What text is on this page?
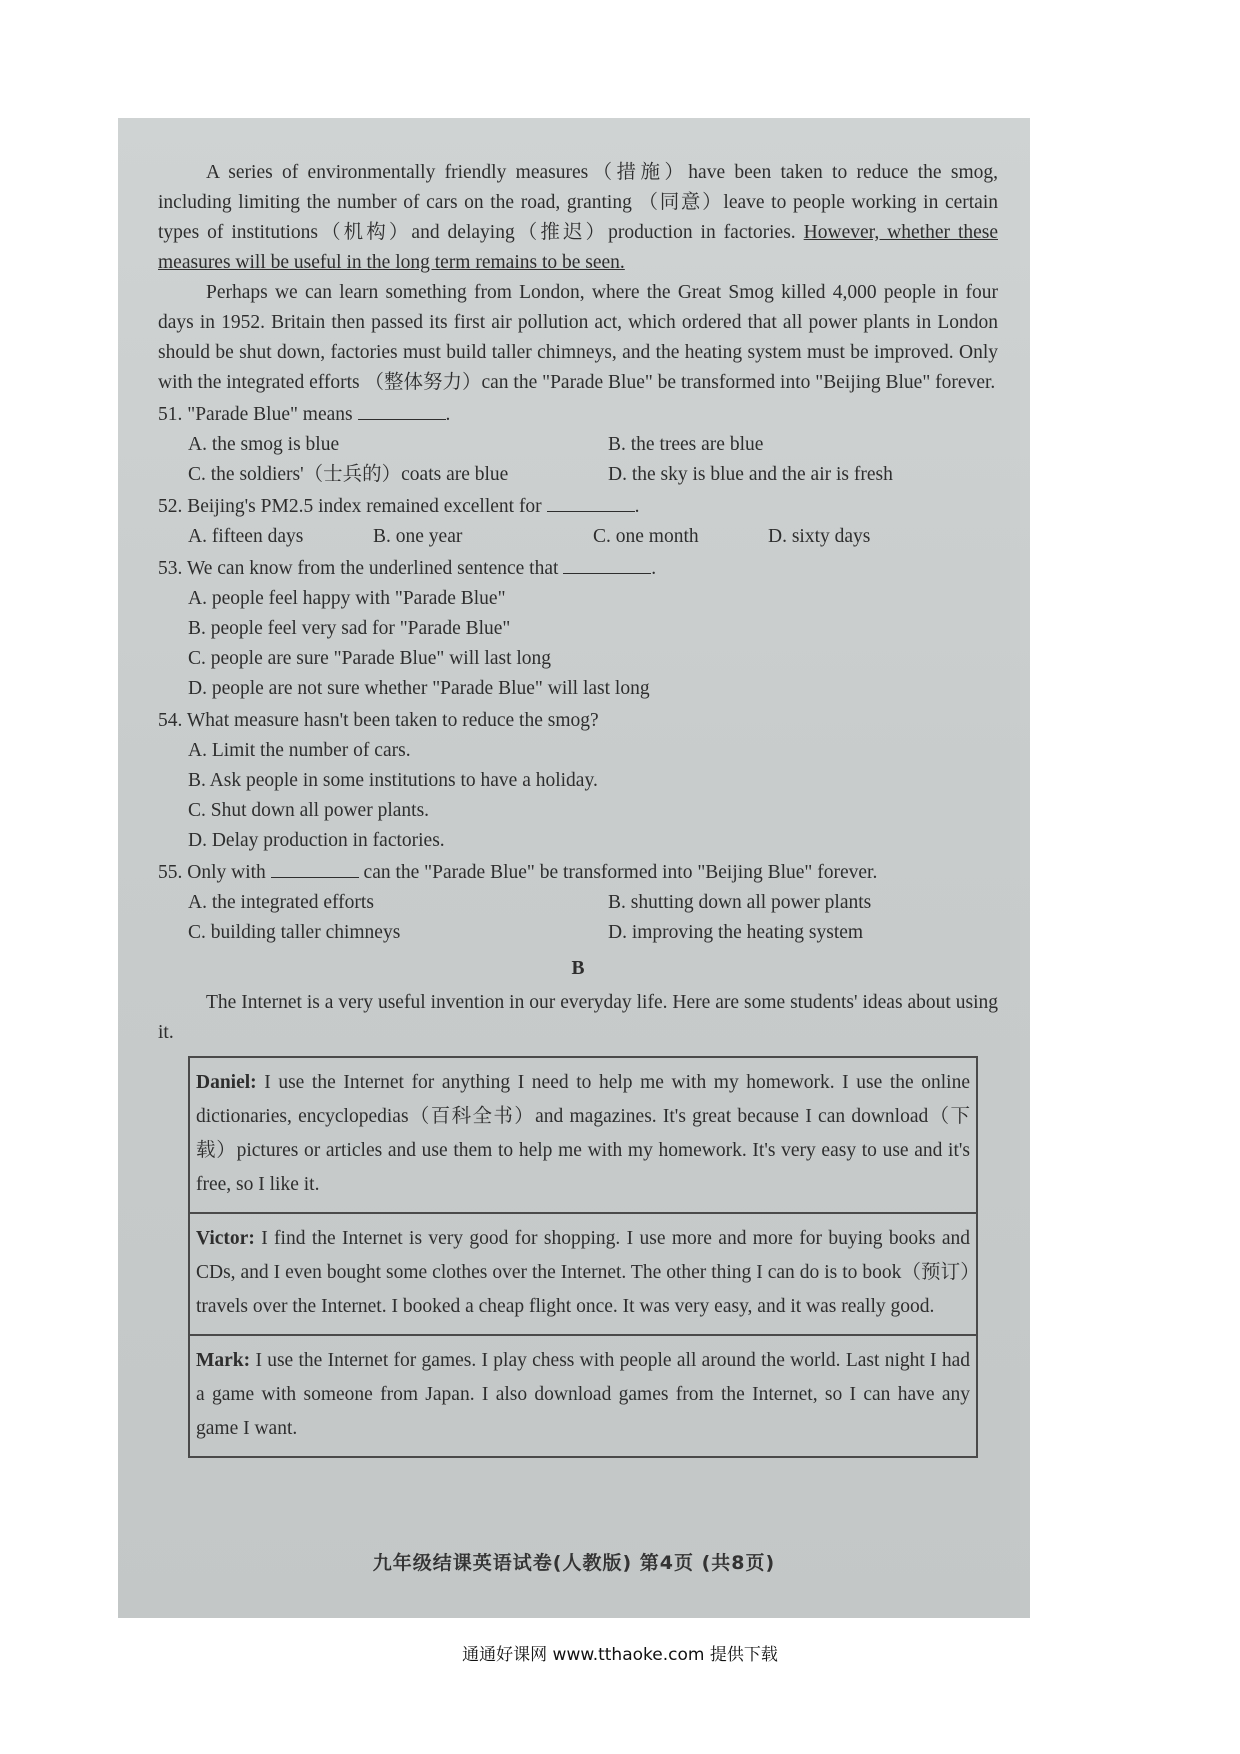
A series of environmentally friendly measures（措施）have been taken to reduce the smog, including limiting the number of cars on the road, granting （同意）leave to people working in certain types of institutions（机构）and delaying（推迟）production in factories. However, whether these measures will be useful in the long term remains to be seen.

Perhaps we can learn something from London, where the Great Smog killed 4,000 people in four days in 1952. Britain then passed its first air pollution act, which ordered that all power plants in London should be shut down, factories must build taller chimneys, and the heating system must be improved. Only with the integrated efforts （整体努力）can the "Parade Blue" be transformed into "Beijing Blue" forever.

51. "Parade Blue" means	.

A. the smog is blue	B. the trees are blue
C. the soldiers'（士兵的）coats are blue	D. the sky is blue and the air is fresh

52. Beijing's PM2.5 index remained excellent for	.

A. fifteen days	B. one year	C. one month	D. sixty days

53. We can know from the underlined sentence that	.

A. people feel happy with "Parade Blue"

B. people feel very sad for "Parade Blue"

C. people are sure "Parade Blue" will last long

D. people are not sure whether "Parade Blue" will last long

54. What measure hasn't been taken to reduce the smog?

A. Limit the number of cars.

B. Ask people in some institutions to have a holiday.

C. Shut down all power plants.

D. Delay production in factories.

55. Only with	can the "Parade Blue" be transformed into "Beijing Blue" forever.

A. the integrated efforts	B. shutting down all power plants
C. building taller chimneys	D. improving the heating system

B

The Internet is a very useful invention in our everyday life. Here are some students' ideas about using it.

Daniel: I use the Internet for anything I need to help me with my homework. I use the online dictionaries, encyclopedias（百科全书）and magazines. It's great because I can download（下载）pictures or articles and use them to help me with my homework. It's very easy to use and it's free, so I like it.
Victor: I find the Internet is very good for shopping. I use more and more for buying books and CDs, and I even bought some clothes over the Internet. The other thing I can do is to book（预订）travels over the Internet. I booked a cheap flight once. It was very easy, and it was really good.
Mark: I use the Internet for games. I play chess with people all around the world. Last night I had a game with someone from Japan. I also download games from the Internet, so I can have any game I want.
九年级结课英语试卷(人教版) 第4页 (共8页)
通通好课网 www.tthaoke.com 提供下载
